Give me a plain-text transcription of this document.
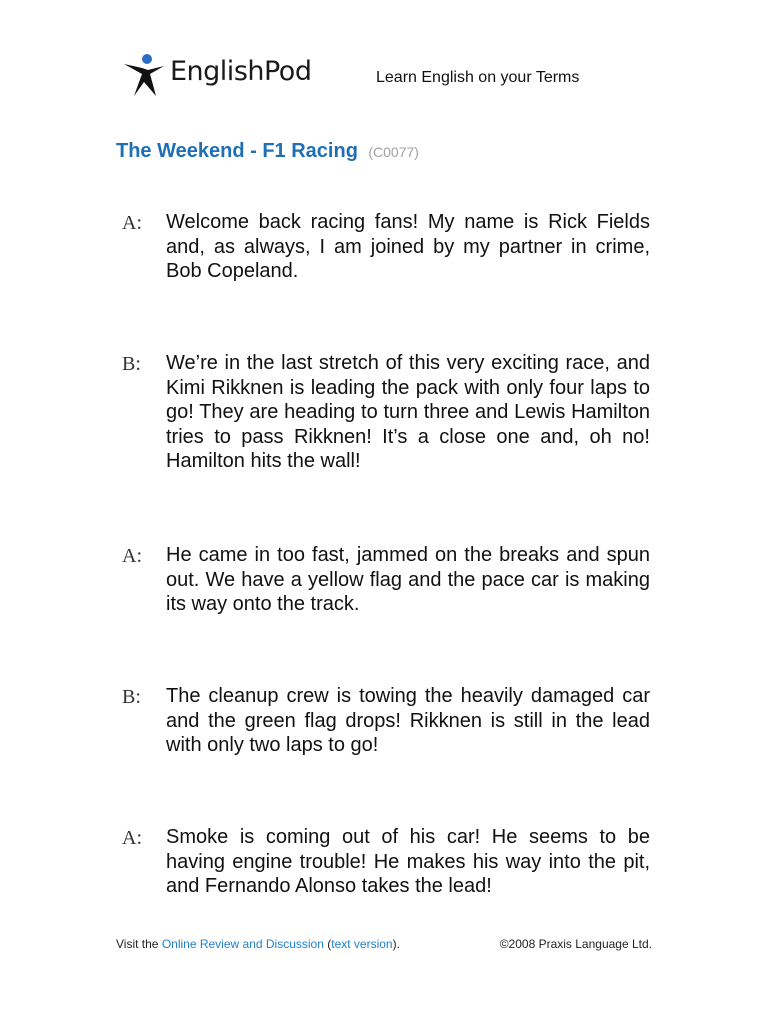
EnglishPod	Learn English on your Terms
The Weekend - F1 Racing (C0077)
A: Welcome back racing fans! My name is Rick Fields and, as always, I am joined by my partner in crime, Bob Copeland.
B: We’re in the last stretch of this very exciting race, and Kimi Rikknen is leading the pack with only four laps to go! They are heading to turn three and Lewis Hamilton tries to pass Rikknen! It’s a close one and, oh no! Hamilton hits the wall!
A: He came in too fast, jammed on the breaks and spun out. We have a yellow flag and the pace car is making its way onto the track.
B: The cleanup crew is towing the heavily damaged car and the green flag drops! Rikknen is still in the lead with only two laps to go!
A: Smoke is coming out of his car! He seems to be having engine trouble! He makes his way into the pit, and Fernando Alonso takes the lead!
Visit the Online Review and Discussion (text version).	©2008 Praxis Language Ltd.
